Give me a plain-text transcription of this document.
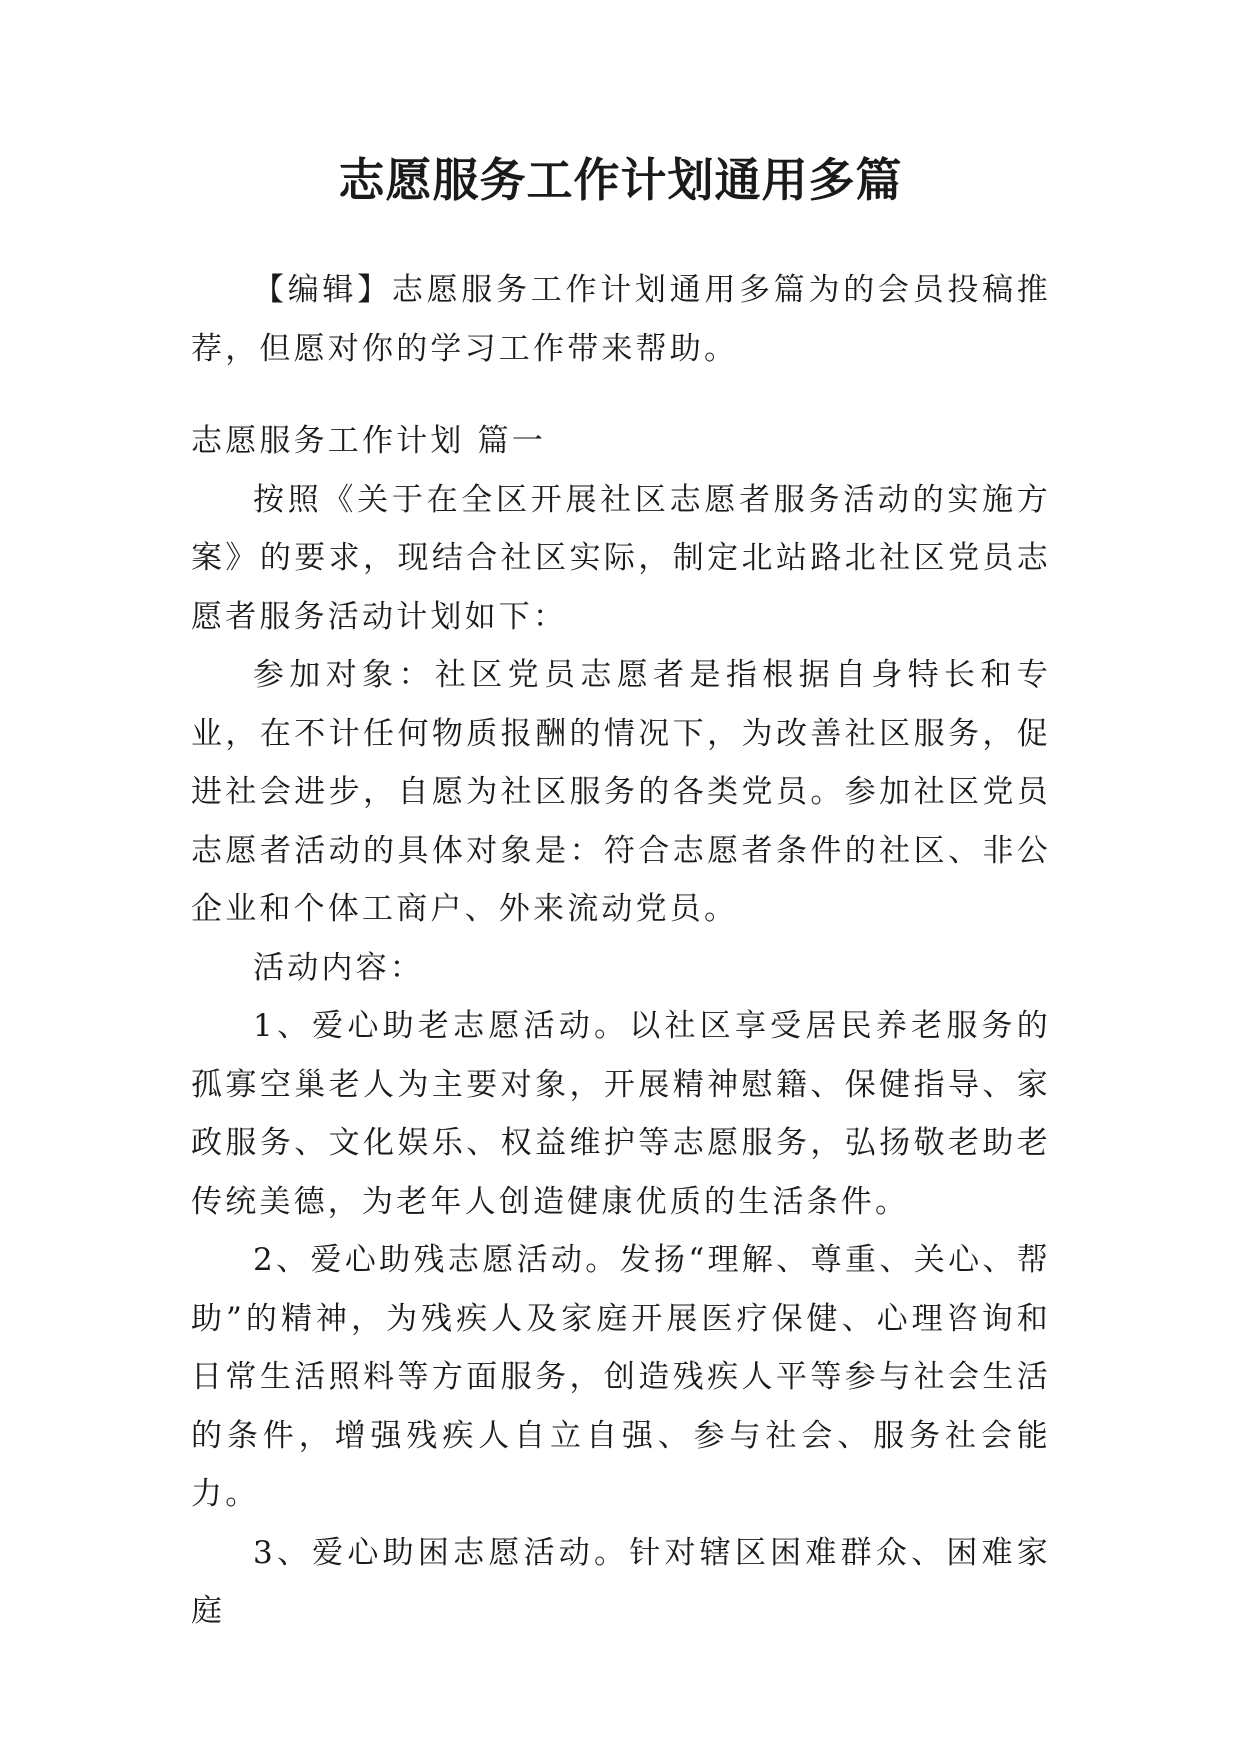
志愿服务工作计划通用多篇

【编辑】志愿服务工作计划通用多篇为的会员投稿推荐，但愿对你的学习工作带来帮助。

志愿服务工作计划 篇一

按照《关于在全区开展社区志愿者服务活动的实施方案》的要求，现结合社区实际，制定北站路北社区党员志愿者服务活动计划如下：

参加对象：社区党员志愿者是指根据自身特长和专业，在不计任何物质报酬的情况下，为改善社区服务，促进社会进步，自愿为社区服务的各类党员。参加社区党员志愿者活动的具体对象是：符合志愿者条件的社区、非公企业和个体工商户、外来流动党员。

活动内容：

1、爱心助老志愿活动。以社区享受居民养老服务的孤寡空巢老人为主要对象，开展精神慰籍、保健指导、家政服务、文化娱乐、权益维护等志愿服务，弘扬敬老助老传统美德，为老年人创造健康优质的生活条件。

2、爱心助残志愿活动。发扬“理解、尊重、关心、帮助”的精神，为残疾人及家庭开展医疗保健、心理咨询和日常生活照料等方面服务，创造残疾人平等参与社会生活的条件，增强残疾人自立自强、参与社会、服务社会能力。

3、爱心助困志愿活动。针对辖区困难群众、困难家庭
